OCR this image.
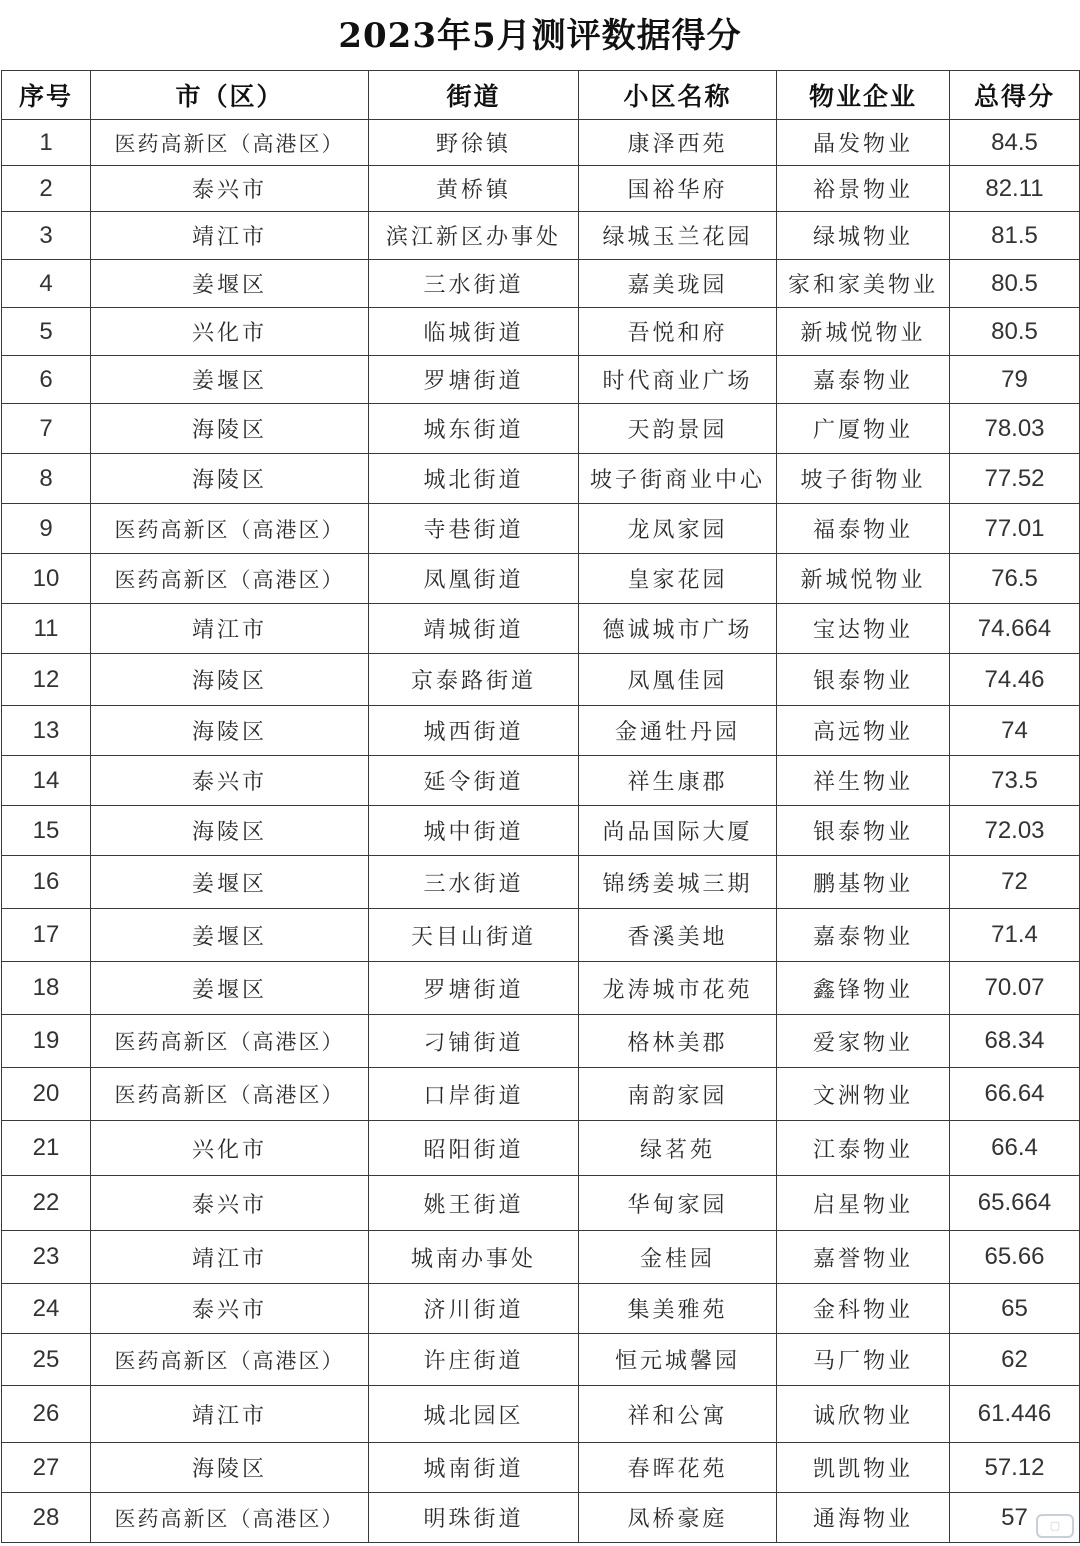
2023年5月测评数据得分
序号	市（区）	街道	小区名称	物业企业	总得分
1	医药高新区（高港区）	野徐镇	康泽西苑	晶发物业	84.5
2	泰兴市	黄桥镇	国裕华府	裕景物业	82.11
3	靖江市	滨江新区办事处	绿城玉兰花园	绿城物业	81.5
4	姜堰区	三水街道	嘉美珑园	家和家美物业	80.5
5	兴化市	临城街道	吾悦和府	新城悦物业	80.5
6	姜堰区	罗塘街道	时代商业广场	嘉泰物业	79
7	海陵区	城东街道	天韵景园	广厦物业	78.03
8	海陵区	城北街道	坡子街商业中心	坡子街物业	77.52
9	医药高新区（高港区）	寺巷街道	龙凤家园	福泰物业	77.01
10	医药高新区（高港区）	凤凰街道	皇家花园	新城悦物业	76.5
11	靖江市	靖城街道	德诚城市广场	宝达物业	74.664
12	海陵区	京泰路街道	凤凰佳园	银泰物业	74.46
13	海陵区	城西街道	金通牡丹园	高远物业	74
14	泰兴市	延令街道	祥生康郡	祥生物业	73.5
15	海陵区	城中街道	尚品国际大厦	银泰物业	72.03
16	姜堰区	三水街道	锦绣姜城三期	鹏基物业	72
17	姜堰区	天目山街道	香溪美地	嘉泰物业	71.4
18	姜堰区	罗塘街道	龙涛城市花苑	鑫锋物业	70.07
19	医药高新区（高港区）	刁铺街道	格林美郡	爱家物业	68.34
20	医药高新区（高港区）	口岸街道	南韵家园	文洲物业	66.64
21	兴化市	昭阳街道	绿茗苑	江泰物业	66.4
22	泰兴市	姚王街道	华甸家园	启星物业	65.664
23	靖江市	城南办事处	金桂园	嘉誉物业	65.66
24	泰兴市	济川街道	集美雅苑	金科物业	65
25	医药高新区（高港区）	许庄街道	恒元城馨园	马厂物业	62
26	靖江市	城北园区	祥和公寓	诚欣物业	61.446
27	海陵区	城南街道	春晖花苑	凯凯物业	57.12
28	医药高新区（高港区）	明珠街道	凤桥豪庭	通海物业	57	▢
